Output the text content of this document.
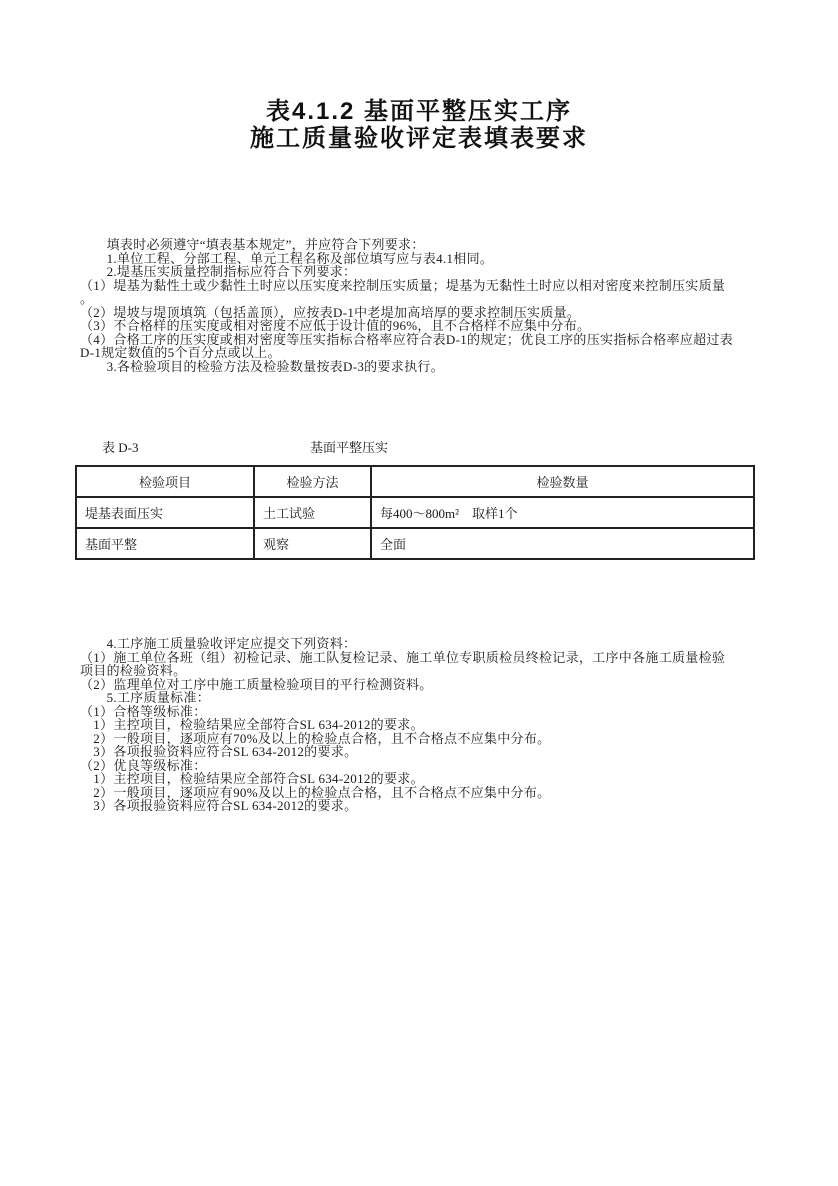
表4.1.2 基面平整压实工序
施工质量验收评定表填表要求
　　填表时必须遵守“填表基本规定”，并应符合下列要求：
　　1.单位工程、分部工程、单元工程名称及部位填写应与表4.1相同。
　　2.堤基压实质量控制指标应符合下列要求：
（1）堤基为黏性土或少黏性土时应以压实度来控制压实质量；堤基为无黏性土时应以相对密度来控制压实质量
。
（2）堤坡与堤顶填筑（包括盖顶），应按表D-1中老堤加高培厚的要求控制压实质量。
（3）不合格样的压实度或相对密度不应低于设计值的96%，且不合格样不应集中分布。
（4）合格工序的压实度或相对密度等压实指标合格率应符合表D-1的规定；优良工序的压实指标合格率应超过表
D-1规定数值的5个百分点或以上。
　　3.各检验项目的检验方法及检验数量按表D-3的要求执行。
表 D-3	基面平整压实
检验项目	检验方法	检验数量
堤基表面压实	土工试验	每400～800m²　取样1个
基面平整	观察	全面
　　4.工序施工质量验收评定应提交下列资料：
（1）施工单位各班（组）初检记录、施工队复检记录、施工单位专职质检员终检记录，工序中各施工质量检验
项目的检验资料。
（2）监理单位对工序中施工质量检验项目的平行检测资料。
　　5.工序质量标准：
（1）合格等级标准：
　1）主控项目，检验结果应全部符合SL 634-2012的要求。
　2）一般项目，逐项应有70%及以上的检验点合格，且不合格点不应集中分布。
　3）各项报验资料应符合SL 634-2012的要求。
（2）优良等级标准：
　1）主控项目，检验结果应全部符合SL 634-2012的要求。
　2）一般项目，逐项应有90%及以上的检验点合格，且不合格点不应集中分布。
　3）各项报验资料应符合SL 634-2012的要求。
